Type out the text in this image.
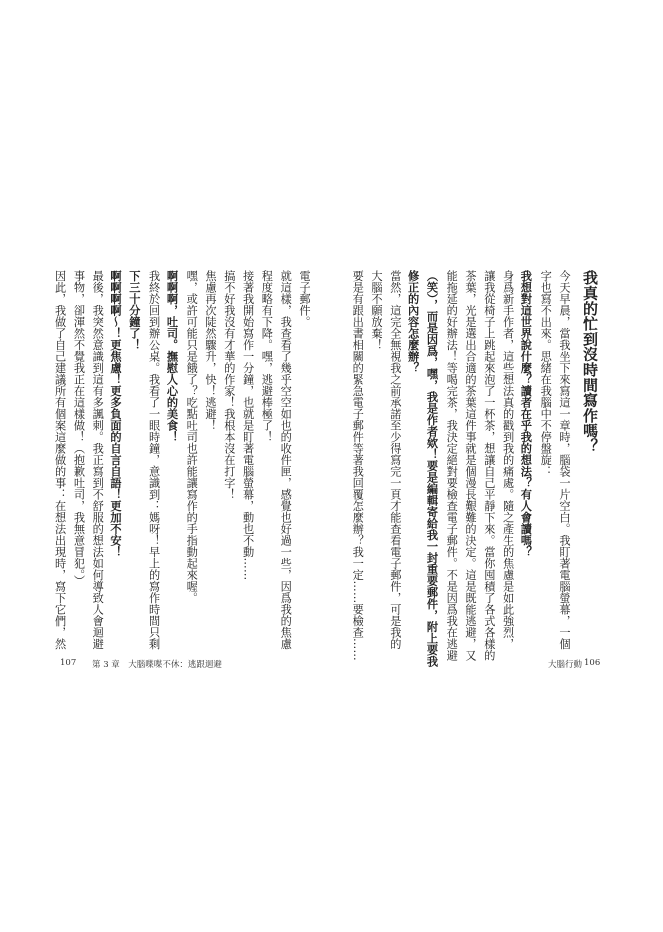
我真的忙到沒時間寫作嗎？
今天早晨，當我坐下來寫這一章時，腦袋一片空白。我盯著電腦螢幕，一個
字也寫不出來。思緒在我腦中不停盤旋：
我想對這世界說什麼？讀者在乎我的想法？有人會讀嗎？
身爲新手作者，這些想法真的戳到我的痛處。隨之產生的焦慮是如此強烈，
讓我從椅子上跳起來泡了一杯茶，想讓自己平靜下來。當你囤積了各式各樣的
茶葉，光是選出合適的茶葉這件事就是個漫長艱難的決定。這是既能逃避，又
能拖延的好辦法！等喝完茶，我決定絕對要檢查電子郵件。不是因爲我在逃避
（笑），而是因爲，嘿，我是作者欸！要是編輯寄給我一封重要郵件，附上要我
修正的內容怎麼辦？
當然，這完全無視我之前承諾至少得寫完一頁才能查看電子郵件，可是我的
大腦不願放棄！
要是有跟出書相關的緊急電子郵件等著我回覆怎麼辦？我一定……要檢查……
電子郵件。
就這樣，我查看了幾乎空空如也的收件匣，感覺也好過一些，因爲我的焦慮
程度略有下降。嘿，逃避棒極了！
接著我開始寫作一分鐘，也就是盯著電腦螢幕，動也不動……
搞不好我沒有才華的作家！我根本沒在打字！
焦慮再次陡然驟升，快！逃避！
嘿，或許可能只是餓了？吃點吐司也許能讓寫作的手指動起來喔。
啊啊啊，吐司。撫慰人心的美食！
我終於回到辦公桌。我看了一眼時鐘，意識到：媽呀！早上的寫作時間只剩
下三十分鐘了！
啊啊啊啊～！更焦慮！更多負面的自言自語！更加不安！
最後，我突然意識到這有多諷刺。我正寫到不舒服的想法如何導致人會迴避
事物，卻渾然不覺我正在這樣做！（抱歉吐司，我無意冒犯。）
因此，我做了自己建議所有個案這麼做的事：在想法出現時，寫下它們，然
107 第 3 章　大腦喋喋不休：逃跟迴避	大腦行動 106
